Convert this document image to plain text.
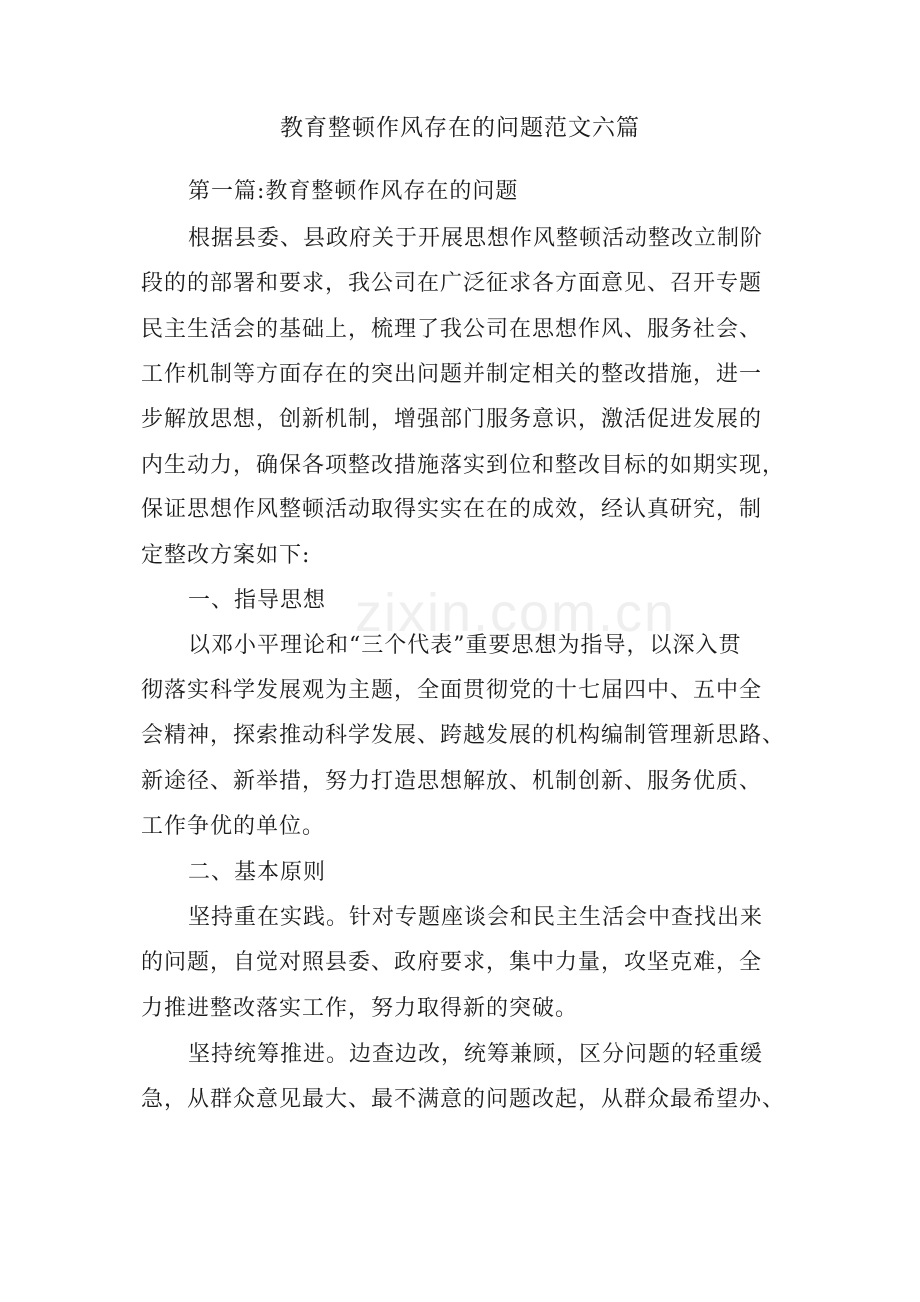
zixin.com.cn
教育整顿作风存在的问题范文六篇
第一篇:教育整顿作风存在的问题
根据县委、县政府关于开展思想作风整顿活动整改立制阶
段的的部署和要求，我公司在广泛征求各方面意见、召开专题
民主生活会的基础上，梳理了我公司在思想作风、服务社会、
工作机制等方面存在的突出问题并制定相关的整改措施，进一
步解放思想，创新机制，增强部门服务意识，激活促进发展的
内生动力，确保各项整改措施落实到位和整改目标的如期实现，
保证思想作风整顿活动取得实实在在的成效，经认真研究，制
定整改方案如下:
一、指导思想
以邓小平理论和“三个代表”重要思想为指导，以深入贯
彻落实科学发展观为主题，全面贯彻党的十七届四中、五中全
会精神，探索推动科学发展、跨越发展的机构编制管理新思路、
新途径、新举措，努力打造思想解放、机制创新、服务优质、
工作争优的单位。
二、基本原则
坚持重在实践。针对专题座谈会和民主生活会中查找出来
的问题，自觉对照县委、政府要求，集中力量，攻坚克难，全
力推进整改落实工作，努力取得新的突破。
坚持统筹推进。边查边改，统筹兼顾，区分问题的轻重缓
急，从群众意见最大、最不满意的问题改起，从群众最希望办、
